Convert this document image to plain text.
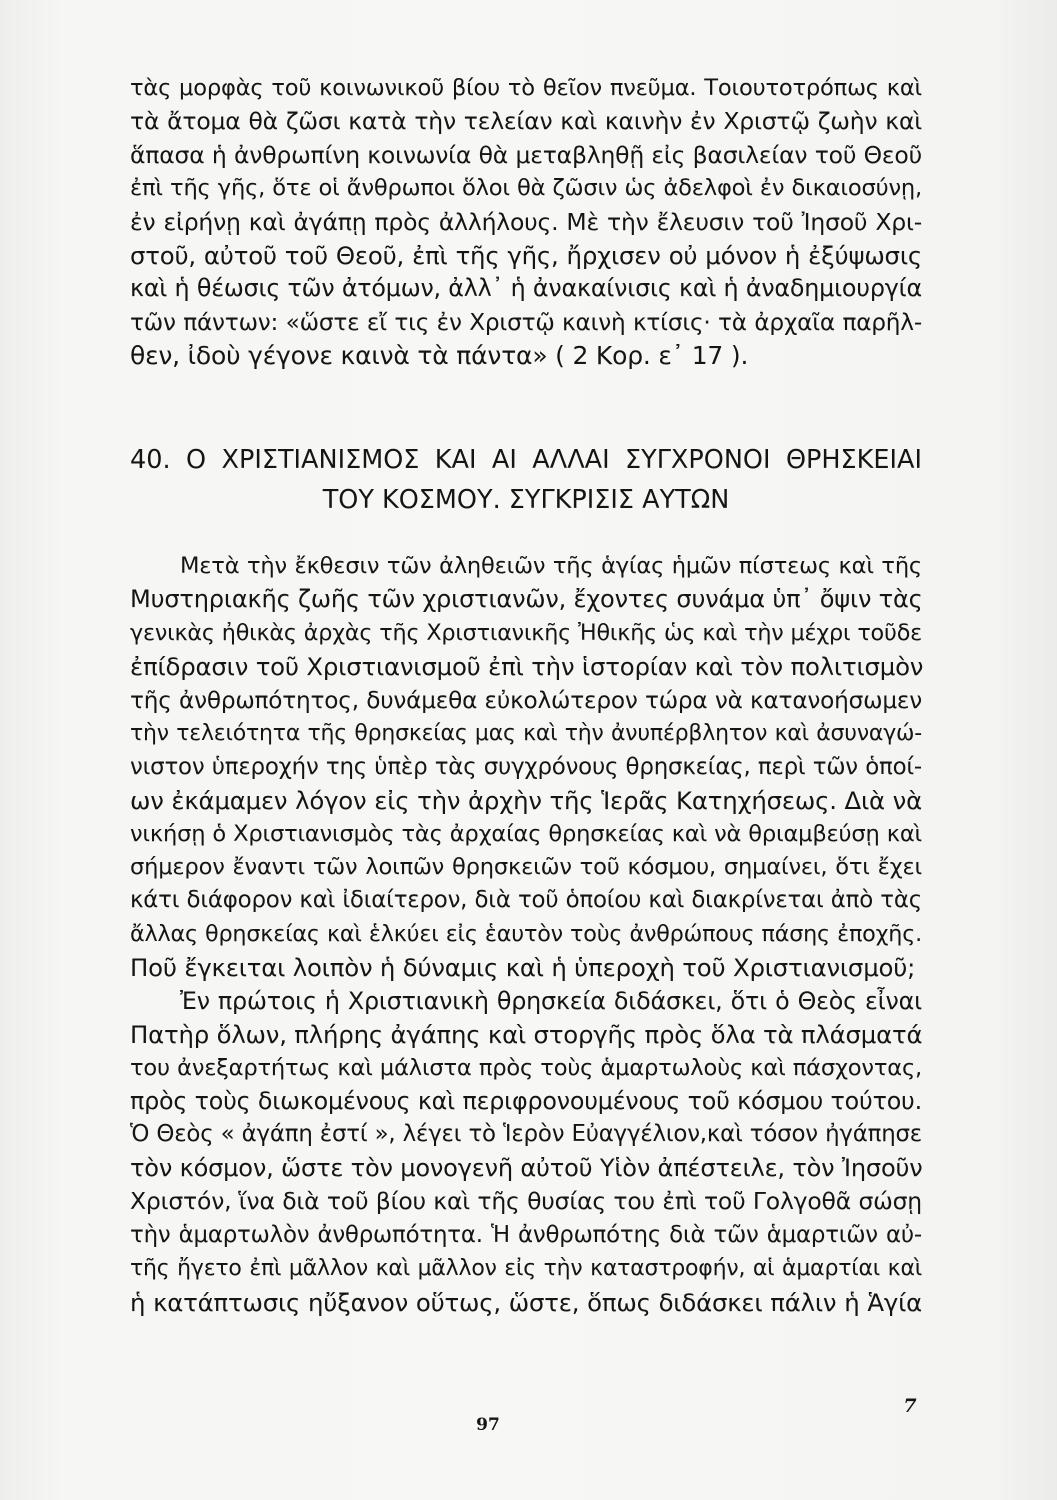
τὰς μορφὰς τοῦ κοινωνικοῦ βίου τὸ θεῖον πνεῦμα. Τοιουτοτρόπως καὶ
τὰ ἄτομα θὰ ζῶσι κατὰ τὴν τελείαν καὶ καινὴν ἐν Χριστῷ ζωὴν καὶ
ἅπασα ἡ ἀνθρωπίνη κοινωνία θὰ μεταβληθῇ εἰς βασιλείαν τοῦ Θεοῦ
ἐπὶ τῆς γῆς, ὅτε οἱ ἄνθρωποι ὅλοι θὰ ζῶσιν ὡς ἀδελφοὶ ἐν δικαιοσύνῃ,
ἐν εἰρήνῃ καὶ ἀγάπῃ πρὸς ἀλλήλους. Μὲ τὴν ἔλευσιν τοῦ Ἰησοῦ Χρι-
στοῦ, αὐτοῦ τοῦ Θεοῦ, ἐπὶ τῆς γῆς, ἤρχισεν οὐ μόνον ἡ ἐξύψωσις
καὶ ἡ θέωσις τῶν ἀτόμων, ἀλλ᾽ ἡ ἀνακαίνισις καὶ ἡ ἀναδημιουργία
τῶν πάντων: «ὥστε εἴ τις ἐν Χριστῷ καινὴ κτίσις· τὰ ἀρχαῖα παρῆλ-
θεν, ἰδοὺ γέγονε καινὰ τὰ πάντα» ( 2 Κορ. ε᾽ 17 ).
40. Ο ΧΡΙΣΤΙΑΝΙΣΜΟΣ ΚΑΙ ΑΙ ΑΛΛΑΙ ΣΥΓΧΡΟΝΟΙ ΘΡΗΣΚΕΙΑΙ
ΤΟΥ ΚΟΣΜΟΥ. ΣΥΓΚΡΙΣΙΣ ΑΥΤΩΝ
Μετὰ τὴν ἔκθεσιν τῶν ἀληθειῶν τῆς ἁγίας ἡμῶν πίστεως καὶ τῆς
Μυστηριακῆς ζωῆς τῶν χριστιανῶν, ἔχοντες συνάμα ὑπ᾽ ὄψιν τὰς
γενικὰς ἠθικὰς ἀρχὰς τῆς Χριστιανικῆς Ἠθικῆς ὡς καὶ τὴν μέχρι τοῦδε
ἐπίδρασιν τοῦ Χριστιανισμοῦ ἐπὶ τὴν ἱστορίαν καὶ τὸν πολιτισμὸν
τῆς ἀνθρωπότητος, δυνάμεθα εὐκολώτερον τώρα νὰ κατανοήσωμεν
τὴν τελειότητα τῆς θρησκείας μας καὶ τὴν ἀνυπέρβλητον καὶ ἀσυναγώ-
νιστον ὑπεροχήν της ὑπὲρ τὰς συγχρόνους θρησκείας, περὶ τῶν ὁποί-
ων ἐκάμαμεν λόγον εἰς τὴν ἀρχὴν τῆς Ἱερᾶς Κατηχήσεως. Διὰ νὰ
νικήσῃ ὁ Χριστιανισμὸς τὰς ἀρχαίας θρησκείας καὶ νὰ θριαμβεύσῃ καὶ
σήμερον ἔναντι τῶν λοιπῶν θρησκειῶν τοῦ κόσμου, σημαίνει, ὅτι ἔχει
κάτι διάφορον καὶ ἰδιαίτερον, διὰ τοῦ ὁποίου καὶ διακρίνεται ἀπὸ τὰς
ἄλλας θρησκείας καὶ ἑλκύει εἰς ἑαυτὸν τοὺς ἀνθρώπους πάσης ἐποχῆς.
Ποῦ ἔγκειται λοιπὸν ἡ δύναμις καὶ ἡ ὑπεροχὴ τοῦ Χριστιανισμοῦ;
Ἐν πρώτοις ἡ Χριστιανικὴ θρησκεία διδάσκει, ὅτι ὁ Θεὸς εἶναι
Πατὴρ ὅλων, πλήρης ἀγάπης καὶ στοργῆς πρὸς ὅλα τὰ πλάσματά
του ἀνεξαρτήτως καὶ μάλιστα πρὸς τοὺς ἁμαρτωλοὺς καὶ πάσχοντας,
πρὸς τοὺς διωκομένους καὶ περιφρονουμένους τοῦ κόσμου τούτου.
Ὁ Θεὸς « ἀγάπη ἐστί », λέγει τὸ Ἱερὸν Εὐαγγέλιον,καὶ τόσον ἠγάπησε
τὸν κόσμον, ὥστε τὸν μονογενῆ αὐτοῦ Υἱὸν ἀπέστειλε, τὸν Ἰησοῦν
Χριστόν, ἵνα διὰ τοῦ βίου καὶ τῆς θυσίας του ἐπὶ τοῦ Γολγοθᾶ σώσῃ
τὴν ἁμαρτωλὸν ἀνθρωπότητα. Ἡ ἀνθρωπότης διὰ τῶν ἁμαρτιῶν αὐ-
τῆς ἤγετο ἐπὶ μᾶλλον καὶ μᾶλλον εἰς τὴν καταστροφήν, αἱ ἁμαρτίαι καὶ
ἡ κατάπτωσις ηὔξανον οὕτως, ὥστε, ὅπως διδάσκει πάλιν ἡ Ἁγία
97
7
